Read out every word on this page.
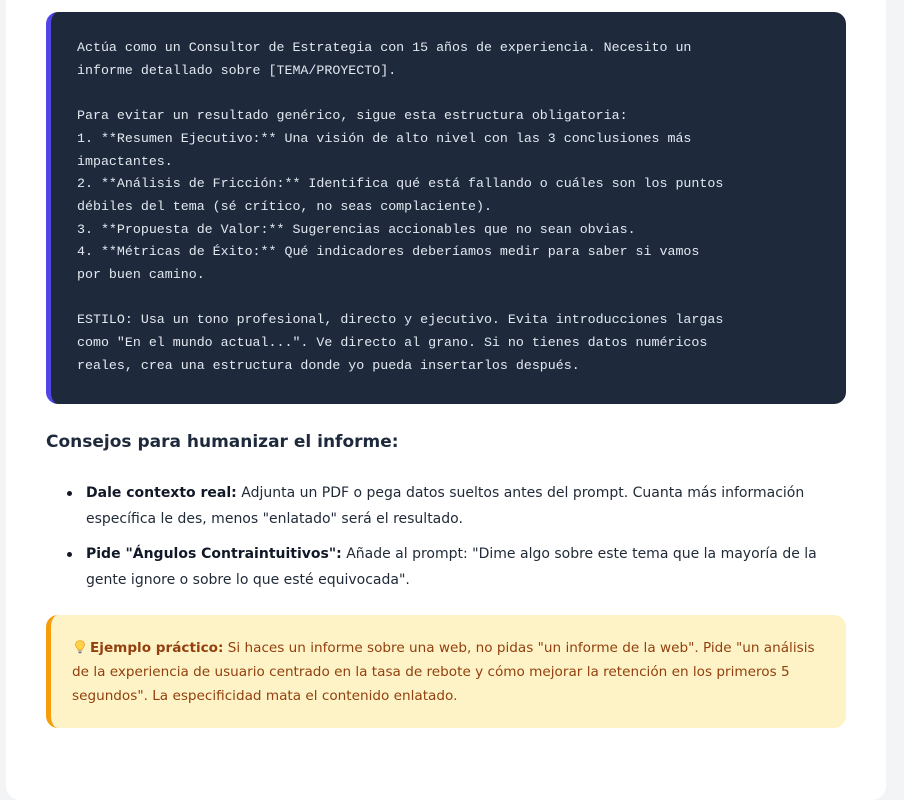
Actúa como un Consultor de Estrategia con 15 años de experiencia. Necesito un
informe detallado sobre [TEMA/PROYECTO].

Para evitar un resultado genérico, sigue esta estructura obligatoria:
1. **Resumen Ejecutivo:** Una visión de alto nivel con las 3 conclusiones más
impactantes.
2. **Análisis de Fricción:** Identifica qué está fallando o cuáles son los puntos
débiles del tema (sé crítico, no seas complaciente).
3. **Propuesta de Valor:** Sugerencias accionables que no sean obvias.
4. **Métricas de Éxito:** Qué indicadores deberíamos medir para saber si vamos
por buen camino.

ESTILO: Usa un tono profesional, directo y ejecutivo. Evita introducciones largas
como "En el mundo actual...". Ve directo al grano. Si no tienes datos numéricos
reales, crea una estructura donde yo pueda insertarlos después.
Consejos para humanizar el informe:
Dale contexto real: Adjunta un PDF o pega datos sueltos antes del prompt. Cuanta más información específica le des, menos "enlatado" será el resultado.
Pide "Ángulos Contraintuitivos": Añade al prompt: "Dime algo sobre este tema que la mayoría de la gente ignore o sobre lo que esté equivocada".
Ejemplo práctico: Si haces un informe sobre una web, no pidas "un informe de la web". Pide "un análisis de la experiencia de usuario centrado en la tasa de rebote y cómo mejorar la retención en los primeros 5 segundos". La especificidad mata el contenido enlatado.
